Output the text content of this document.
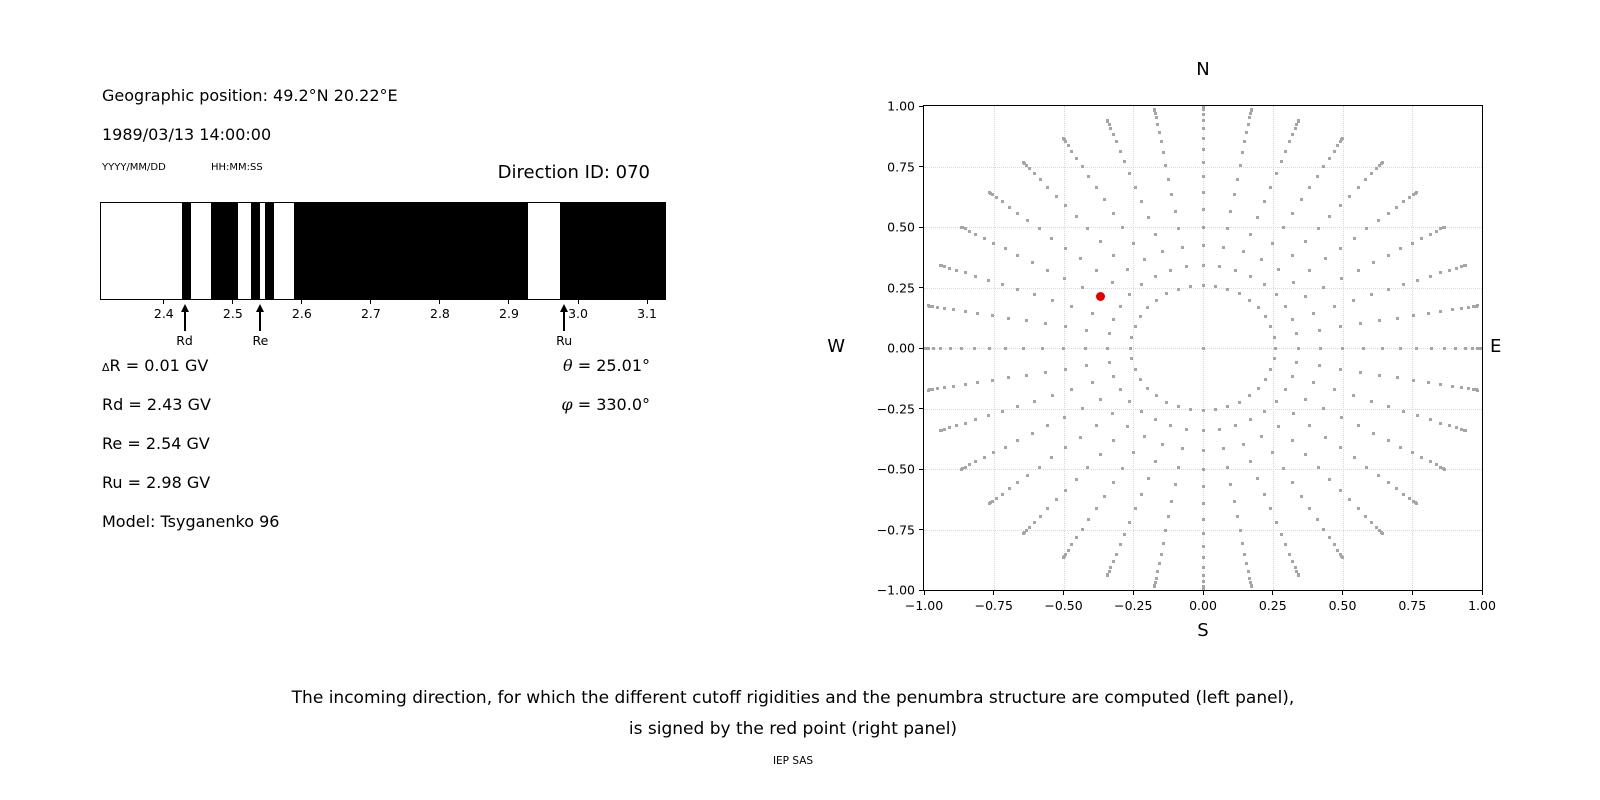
Geographic position: 49.2°N 20.22°E
1989/03/13 14:00:00
YYYY/MM/DD	HH:MM:SS	Direction ID: 070
2.4	2.5	2.6	2.7	2.8	2.9	3.0	3.1
Rd	Re	Ru
ΔR = 0.01 GV
Rd = 2.43 GV
Re = 2.54 GV
Ru = 2.98 GV
Model: Tsyganenko 96
θ = 25.01°
φ = 330.0°
N
−1.00
−1.00
−0.75
−0.75
−0.50
−0.50
−0.25
−0.25
0.00
0.00
0.25
0.25
0.50
0.50
0.75
0.75
1.00
1.00
W	E
S
The incoming direction, for which the different cutoff rigidities and the penumbra structure are computed (left panel),
is signed by the red point (right panel)
IEP SAS
